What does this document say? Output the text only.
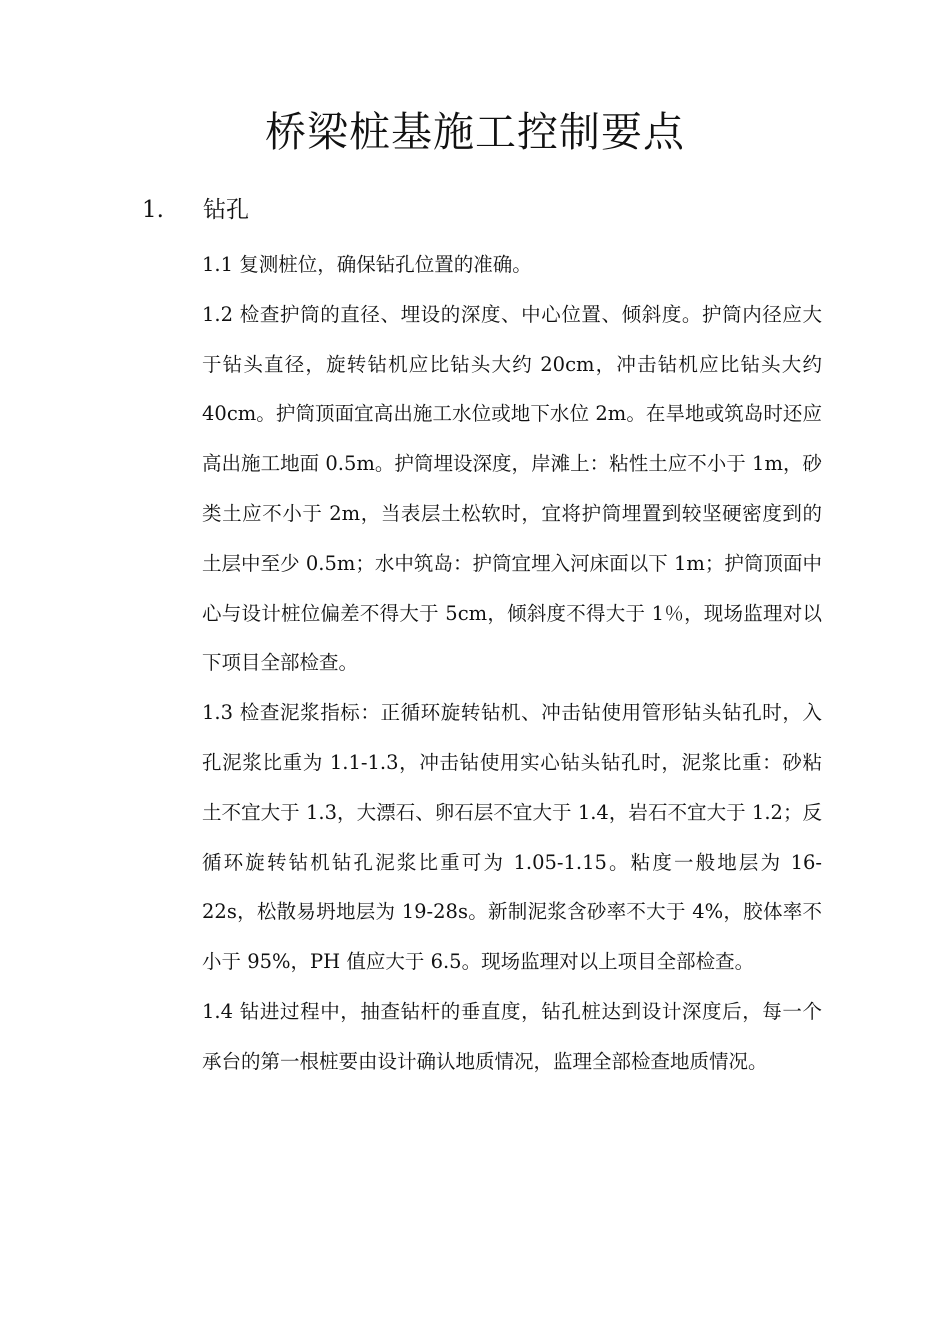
桥梁桩基施工控制要点
1. 钻孔

1.1 复测桩位，确保钻孔位置的准确。

1.2 检查护筒的直径、埋设的深度、中心位置、倾斜度。护筒内径应大于钻头直径，旋转钻机应比钻头大约 20cm，冲击钻机应比钻头大约 40cm。护筒顶面宜高出施工水位或地下水位 2m。在旱地或筑岛时还应高出施工地面 0.5m。护筒埋设深度，岸滩上：粘性土应不小于 1m，砂类土应不小于 2m，当表层土松软时，宜将护筒埋置到较坚硬密度到的土层中至少 0.5m；水中筑岛：护筒宜埋入河床面以下 1m；护筒顶面中心与设计桩位偏差不得大于 5cm，倾斜度不得大于 1％，现场监理对以下项目全部检查。

1.3 检查泥浆指标：正循环旋转钻机、冲击钻使用管形钻头钻孔时，入孔泥浆比重为 1.1-1.3，冲击钻使用实心钻头钻孔时，泥浆比重：砂粘土不宜大于 1.3，大漂石、卵石层不宜大于 1.4，岩石不宜大于 1.2；反循环旋转钻机钻孔泥浆比重可为 1.05-1.15。粘度一般地层为 16-22s，松散易坍地层为 19-28s。新制泥浆含砂率不大于 4%，胶体率不小于 95%，PH 值应大于 6.5。现场监理对以上项目全部检查。

1.4 钻进过程中，抽查钻杆的垂直度，钻孔桩达到设计深度后，每一个承台的第一根桩要由设计确认地质情况，监理全部检查地质情况。
